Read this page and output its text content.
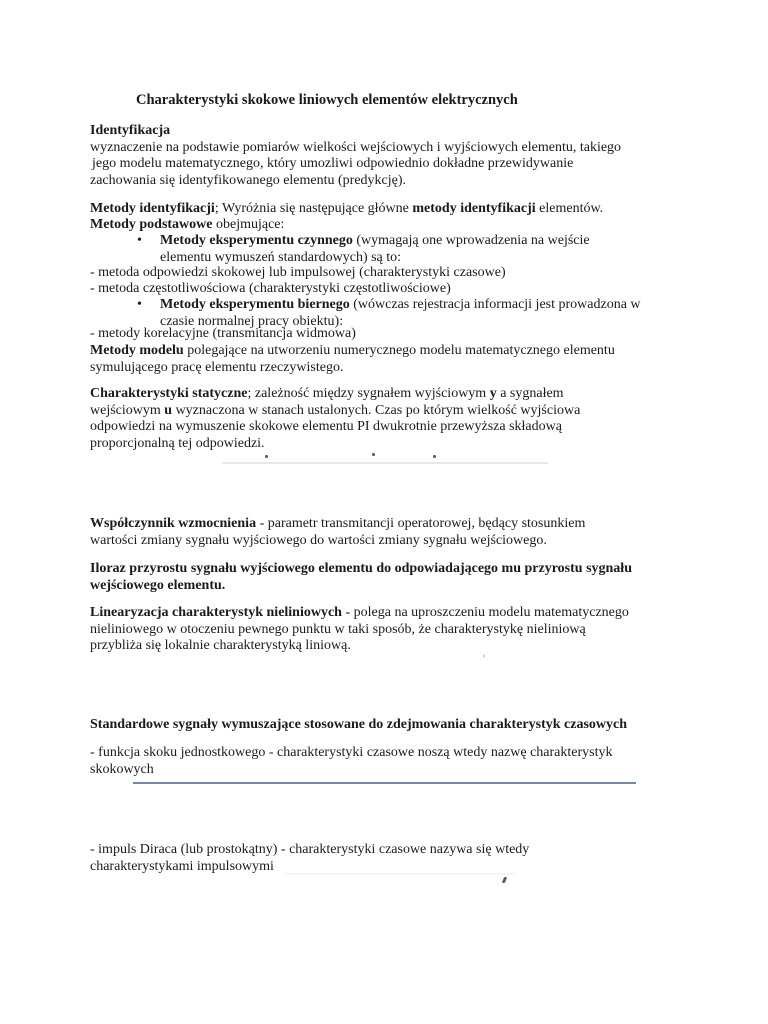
Charakterystyki skokowe liniowych elementów elektrycznych
Identyfikacja
wyznaczenie na podstawie pomiarów wielkości wejściowych i wyjściowych elementu, takiego
jego modelu matematycznego, który umozliwi odpowiednio dokładne przewidywanie
zachowania się identyfikowanego elementu (predykcję).
Metody identyfikacji; Wyróżnia się następujące główne metody identyfikacji elementów.
Metody podstawowe obejmujące:
• Metody eksperymentu czynnego (wymagają one wprowadzenia na wejście
elementu wymuszeń standardowych) są to:
- metoda odpowiedzi skokowej lub impulsowej (charakterystyki czasowe)
- metoda częstotliwościowa (charakterystyki częstotliwościowe)
• Metody eksperymentu biernego (wówczas rejestracja informacji jest prowadzona w
czasie normalnej pracy obiektu):
- metody korelacyjne (transmitancja widmowa)
Metody modelu polegające na utworzeniu numerycznego modelu matematycznego elementu
symulującego pracę elementu rzeczywistego.
Charakterystyki statyczne; zależność między sygnałem wyjściowym y a sygnałem
wejściowym u wyznaczona w stanach ustalonych. Czas po którym wielkość wyjściowa
odpowiedzi na wymuszenie skokowe elementu PI dwukrotnie przewyższa składową
proporcjonalną tej odpowiedzi.
Współczynnik wzmocnienia - parametr transmitancji operatorowej, będący stosunkiem
wartości zmiany sygnału wyjściowego do wartości zmiany sygnału wejściowego.
Iloraz przyrostu sygnału wyjściowego elementu do odpowiadającego mu przyrostu sygnału
wejściowego elementu.
Linearyzacja charakterystyk nieliniowych - polega na uproszczeniu modelu matematycznego
nieliniowego w otoczeniu pewnego punktu w taki sposób, że charakterystykę nieliniową
przybliża się lokalnie charakterystyką liniową.
Standardowe sygnały wymuszające stosowane do zdejmowania charakterystyk czasowych
- funkcja skoku jednostkowego - charakterystyki czasowe noszą wtedy nazwę charakterystyk
skokowych
- impuls Diraca (lub prostokątny) - charakterystyki czasowe nazywa się wtedy
charakterystykami impulsowymi
